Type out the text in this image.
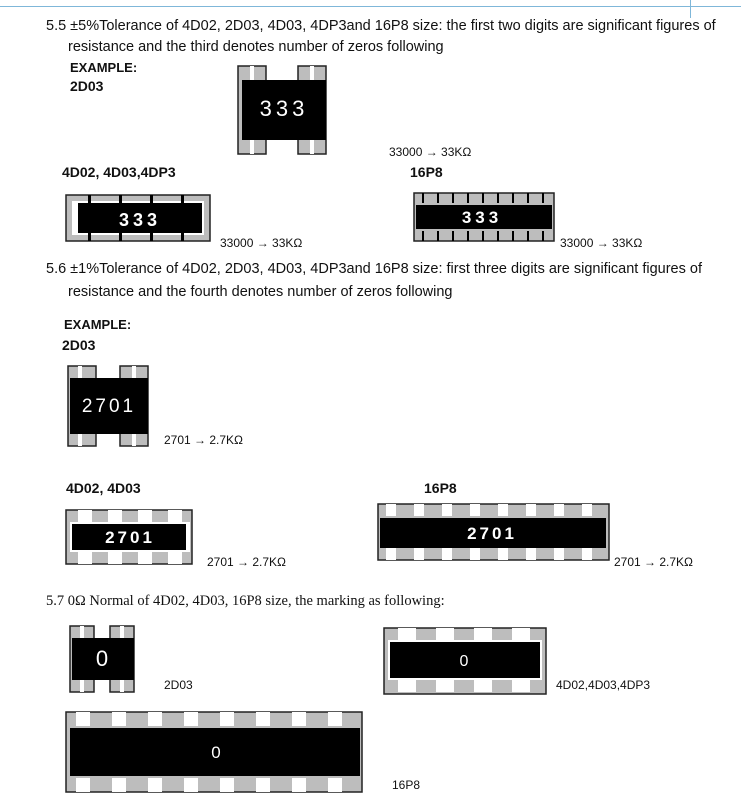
5.5 ±5%Tolerance of 4D02, 2D03, 4D03, 4DP3and 16P8 size: the first two digits are significant figures of
resistance and the third denotes number of zeros following
EXAMPLE:
2D03
333
33000 → 33KΩ
4D02, 4D03,4DP3	16P8
333
33000 → 33KΩ
333
33000 → 33KΩ
5.6 ±1%Tolerance of 4D02, 2D03, 4D03, 4DP3and 16P8 size: first three digits are significant figures of
resistance and the fourth denotes number of zeros following
EXAMPLE:
2D03
2701
2701 → 2.7KΩ
4D02, 4D03	16P8
2701
2701 → 2.7KΩ
2701
2701 → 2.7KΩ
5.7 0Ω Normal of 4D02, 4D03, 16P8 size, the marking as following:
0
2D03
0
4D02,4D03,4DP3
0
16P8
